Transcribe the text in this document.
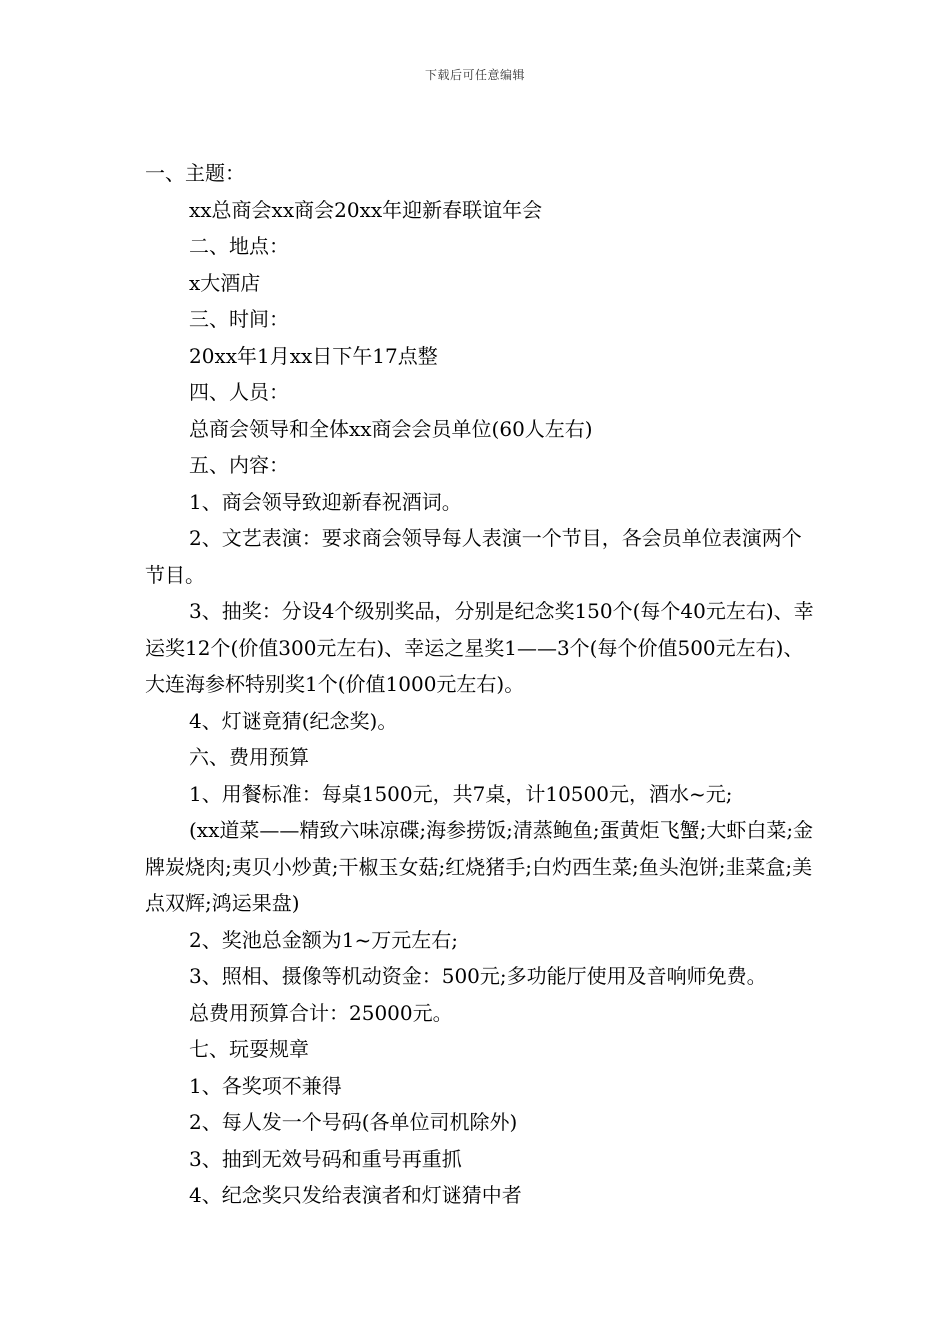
下载后可任意编辑

一、主题：

xx总商会xx商会20xx年迎新春联谊年会

二、地点：

x大酒店

三、时间：

20xx年1月xx日下午17点整

四、人员：

总商会领导和全体xx商会会员单位(60人左右)

五、内容：

1、商会领导致迎新春祝酒词。

2、文艺表演：要求商会领导每人表演一个节目，各会员单位表演两个节目。

3、抽奖：分设4个级别奖品，分别是纪念奖150个(每个40元左右)、幸运奖12个(价值300元左右)、幸运之星奖1——3个(每个价值500元左右)、大连海参杯特别奖1个(价值1000元左右)。

4、灯谜竟猜(纪念奖)。

六、费用预算

1、用餐标准：每桌1500元，共7桌，计10500元，酒水~元;

(xx道菜——精致六味凉碟;海参捞饭;清蒸鲍鱼;蛋黄炬飞蟹;大虾白菜;金牌炭烧肉;夷贝小炒黄;干椒玉女菇;红烧猪手;白灼西生菜;鱼头泡饼;韭菜盒;美点双辉;鸿运果盘)

2、奖池总金额为1~万元左右;

3、照相、摄像等机动资金：500元;多功能厅使用及音响师免费。

总费用预算合计：25000元。

七、玩耍规章

1、各奖项不兼得

2、每人发一个号码(各单位司机除外)

3、抽到无效号码和重号再重抓

4、纪念奖只发给表演者和灯谜猜中者
